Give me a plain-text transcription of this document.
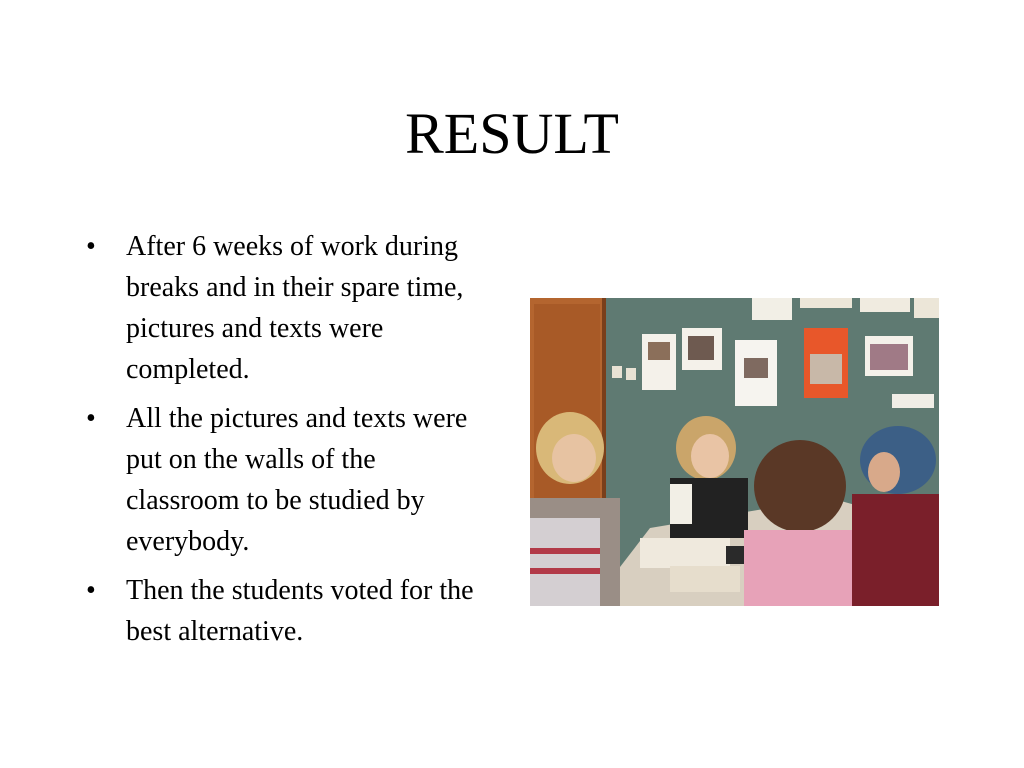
RESULT
• After 6 weeks of work during breaks and in their spare time, pictures and texts were completed.
• All the pictures and texts were put on the walls of the classroom to be studied by everybody.
• Then the students voted for the best alternative.
